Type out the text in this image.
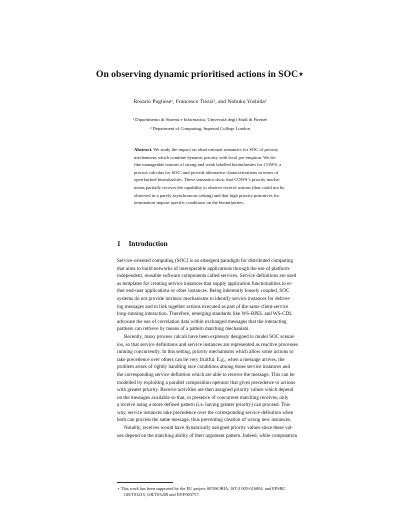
On observing dynamic prioritised actions in SOC⋆
Rosario Pugliese¹, Francesco Tiezzi¹, and Nobuko Yoshida²
¹ Dipartimento di Sistemi e Informatica, Università degli Studi di Firenze
² Department of Computing, Imperial College London

Abstract. We study the impact on observational semantics for SOC of priority

mechanisms which combine dynamic priority with local pre-emption. We de-

fine manageable notions of strong and weak labelled bisimilarities for COWS, a

process calculus for SOC, and provide alternative characterisations in terms of

open barbed bisimilarities. These semantics show that COWS’s priority mecha-

nisms partially recover the capability to observe receive actions (that could not be

observed in a purely asynchronous setting) and that high priority primitives for

termination impose specific conditions on the bisimilarities.

1 Introduction
Service-oriented computing (SOC) is an emergent paradigm for distributed computing
that aims to build networks of interoperable applications through the use of platform-
independent, reusable software components called services. Service definitions are used
as templates for creating service instances that supply application functionalities to ei-
ther end-user applications or other instances. Being inherently loosely coupled, SOC
systems do not provide intrinsic mechanisms to identify service instances for deliver-
ing messages and to link together actions executed as part of the same client-service
long-running interaction. Therefore, emerging standards like WS-BPEL and WS-CDL
advocate the use of correlation data within exchanged messages that the interacting
partners can retrieve by means of a pattern matching mechanism.
Recently, many process calculi have been expressly designed to model SOC scenar-
ios, so that service definitions and service instances are represented as reactive processes
running concurrently. In this setting, priority mechanisms which allow some actions to
take precedence over others can be very fruitful. E.g., when a message arrives, the
problem arises of rightly handling race conditions among those service instances and
the corresponding service definition which are able to receive the message. This can be
modelled by exploiting a parallel composition operator that gives precedence to actions
with greater priority. Receive activities are then assigned priority values which depend
on the messages available so that, in presence of concurrent matching receives, only
a receive using a more defined pattern (i.e. having greater priority) can proceed. This
way, service instances take precedence over the corresponding service definition when
both can process the same message, thus preventing creation of wrong new instances.
Notably, receives would have dynamically assigned priority values since these val-
ues depend on the matching ability of their argument pattern. Indeed, while computation
⋆ This work has been supported by the EU project SENSORIA, IST-2 005-016004, and EPSRC
GR/T03215, GR/T03208 and EP/F003757.
